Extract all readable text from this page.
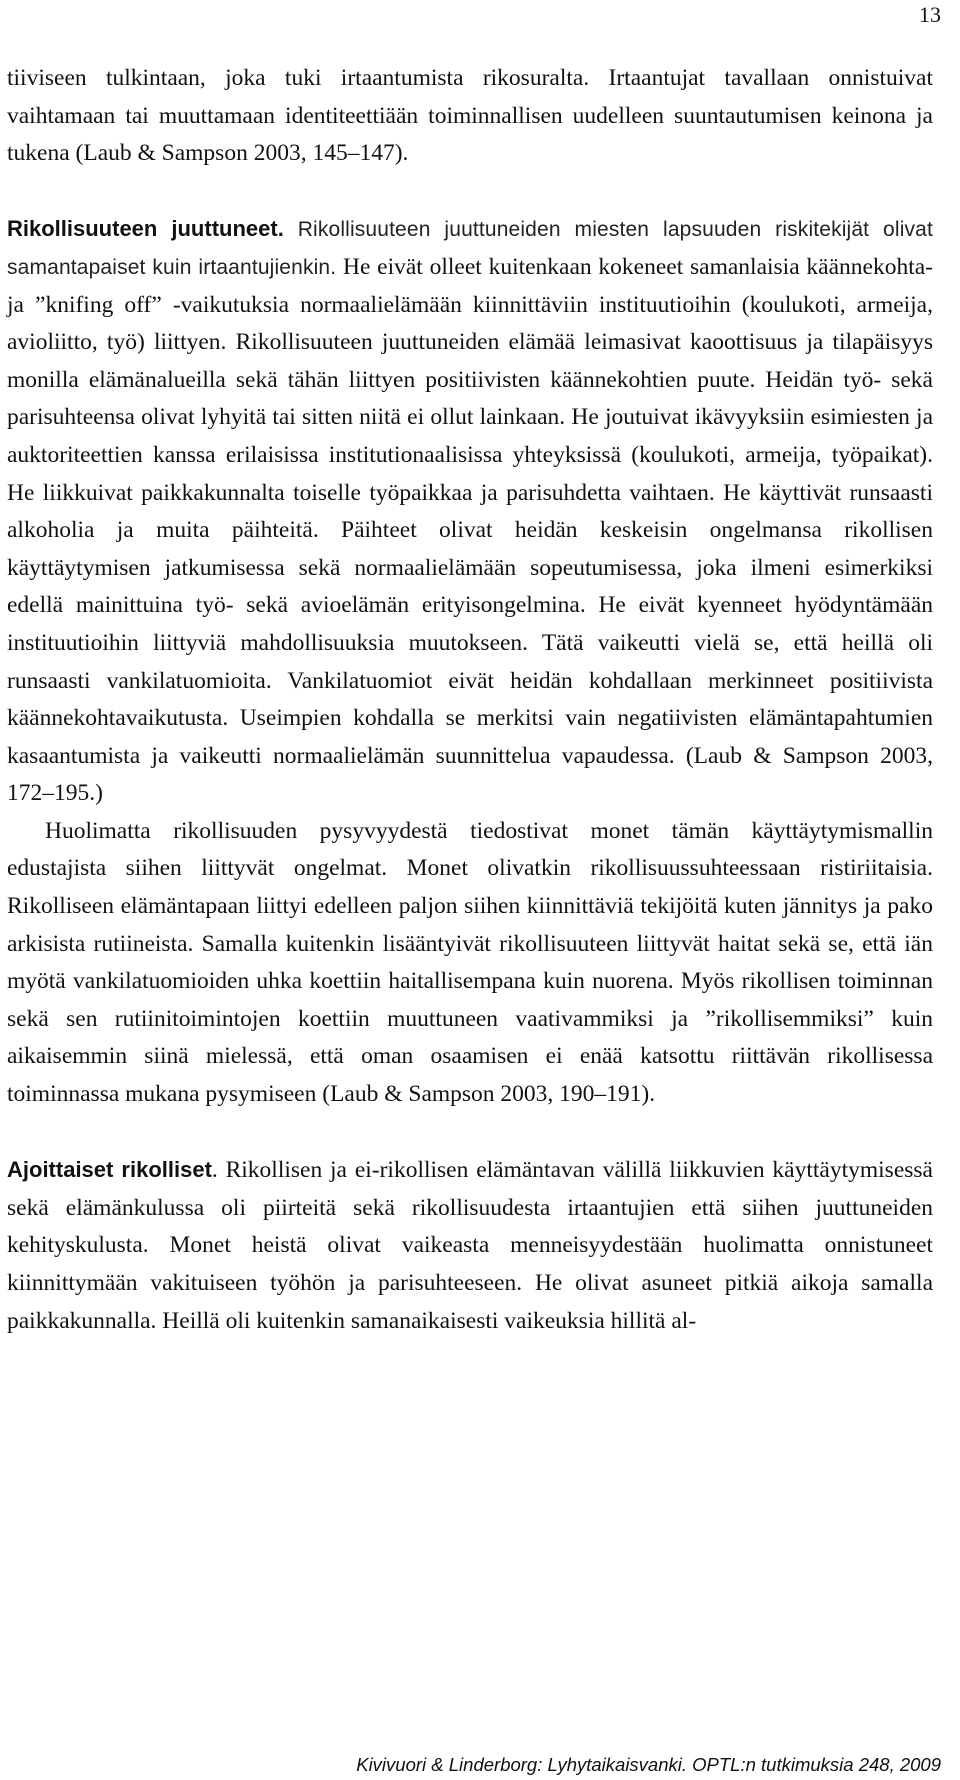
13

tiiviseen tulkintaan, joka tuki irtaantumista rikosuralta. Irtaantujat tavallaan onnistuivat vaihtamaan tai muuttamaan identiteettiään toiminnallisen uudelleen suuntautumisen keinona ja tukena (Laub & Sampson 2003, 145–147).

Rikollisuuteen juuttuneet. Rikollisuuteen juuttuneiden miesten lapsuuden riskitekijät olivat samantapaiset kuin irtaantujienkin. He eivät olleet kuitenkaan kokeneet samanlaisia käännekohta- ja ”knifing off” -vaikutuksia normaalielämään kiinnittäviin instituutioihin (koulukoti, armeija, avioliitto, työ) liittyen. Rikollisuuteen juuttuneiden elämää leimasivat kaoottisuus ja tilapäisyys monilla elämänalueilla sekä tähän liittyen positiivisten käännekohtien puute. Heidän työ- sekä parisuhteensa olivat lyhyitä tai sitten niitä ei ollut lainkaan. He joutuivat ikävyyksiin esimiesten ja auktoriteettien kanssa erilaisissa institutionaalisissa yhteyksissä (koulukoti, armeija, työpaikat). He liikkuivat paikkakunnalta toiselle työpaikkaa ja parisuhdetta vaihtaen. He käyttivät runsaasti alkoholia ja muita päihteitä. Päihteet olivat heidän keskeisin ongelmansa rikollisen käyttäytymisen jatkumisessa sekä normaalielämään sopeutumisessa, joka ilmeni esimerkiksi edellä mainittuina työ- sekä avioelämän erityisongelmina. He eivät kyenneet hyödyntämään instituutioihin liittyviä mahdollisuuksia muutokseen. Tätä vaikeutti vielä se, että heillä oli runsaasti vankilatuomioita. Vankilatuomiot eivät heidän kohdallaan merkinneet positiivista käännekohtavaikutusta. Useimpien kohdalla se merkitsi vain negatiivisten elämäntapahtumien kasaantumista ja vaikeutti normaalielämän suunnittelua vapaudessa. (Laub & Sampson 2003, 172–195.)

Huolimatta rikollisuuden pysyvyydestä tiedostivat monet tämän käyttäytymismallin edustajista siihen liittyvät ongelmat. Monet olivatkin rikollisuussuhteessaan ristiriitaisia. Rikolliseen elämäntapaan liittyi edelleen paljon siihen kiinnittäviä tekijöitä kuten jännitys ja pako arkisista rutiineista. Samalla kuitenkin lisääntyivät rikollisuuteen liittyvät haitat sekä se, että iän myötä vankilatuomioiden uhka koettiin haitallisempana kuin nuorena. Myös rikollisen toiminnan sekä sen rutiinitoimintojen koettiin muuttuneen vaativammiksi ja ”rikollisemmiksi” kuin aikaisemmin siinä mielessä, että oman osaamisen ei enää katsottu riittävän rikollisessa toiminnassa mukana pysymiseen (Laub & Sampson 2003, 190–191).

Ajoittaiset rikolliset. Rikollisen ja ei-rikollisen elämäntavan välillä liikkuvien käyttäytymisessä sekä elämänkulussa oli piirteitä sekä rikollisuudesta irtaantujien että siihen juuttuneiden kehityskulusta. Monet heistä olivat vaikeasta menneisyydestään huolimatta onnistuneet kiinnittymään vakituiseen työhön ja parisuhteeseen. He olivat asuneet pitkiä aikoja samalla paikkakunnalla. Heillä oli kuitenkin samanaikaisesti vaikeuksia hillitä al-

Kivivuori & Linderborg: Lyhytaikaisvanki. OPTL:n tutkimuksia 248, 2009
